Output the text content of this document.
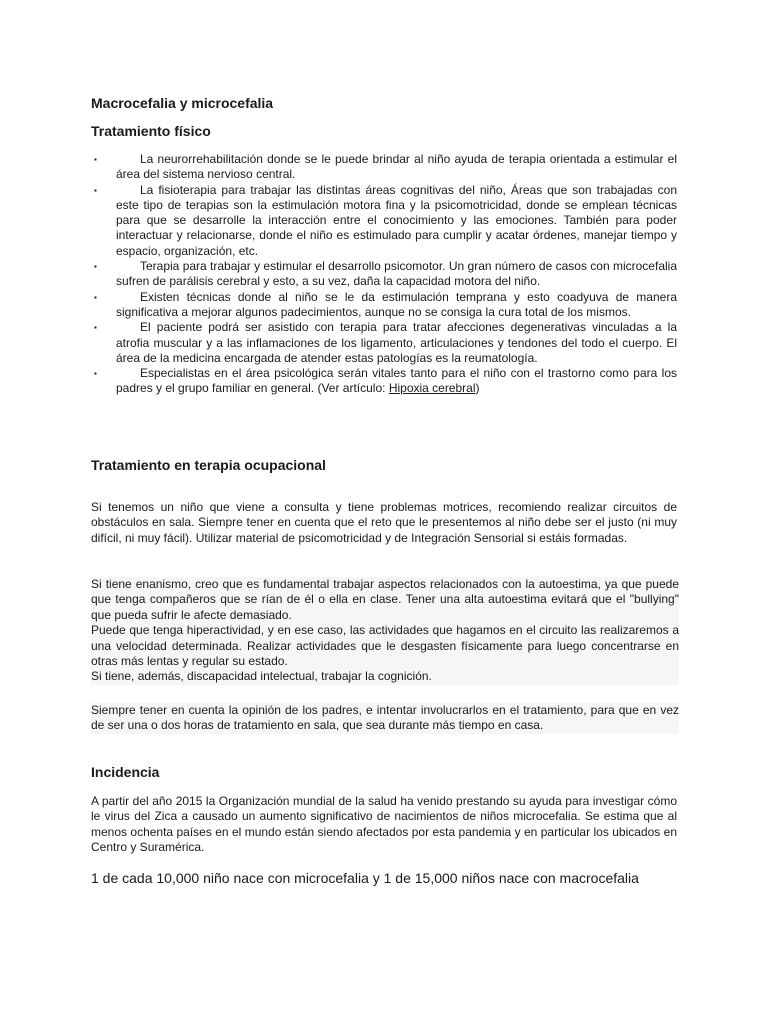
Macrocefalia y microcefalia
Tratamiento físico
▪	La neurorrehabilitación donde se le puede brindar al niño ayuda de terapia orientada a estimular el área del sistema nervioso central.
▪	La fisioterapia para trabajar las distintas áreas cognitivas del niño, Áreas que son trabajadas con este tipo de terapias son la estimulación motora fina y la psicomotricidad, donde se emplean técnicas para que se desarrolle la interacción entre el conocimiento y las emociones. También para poder interactuar y relacionarse, donde el niño es estimulado para cumplir y acatar órdenes, manejar tiempo y espacio, organización, etc.
▪	Terapia para trabajar y estimular el desarrollo psicomotor. Un gran número de casos con microcefalia sufren de parálisis cerebral y esto, a su vez, daña la capacidad motora del niño.
▪	Existen técnicas donde al niño se le da estimulación temprana y esto coadyuva de manera significativa a mejorar algunos padecimientos, aunque no se consiga la cura total de los mismos.
▪	El paciente podrá ser asistido con terapia para tratar afecciones degenerativas vinculadas a la atrofia muscular y a las inflamaciones de los ligamento, articulaciones y tendones del todo el cuerpo. El área de la medicina encargada de atender estas patologías es la reumatología.
▪	Especialistas en el área psicológica serán vitales tanto para el niño con el trastorno como para los padres y el grupo familiar en general. (Ver artículo: Hipoxia cerebral)
Tratamiento en terapia ocupacional

Si tenemos un niño que viene a consulta y tiene problemas motrices, recomiendo realizar circuitos de obstáculos en sala. Siempre tener en cuenta que el reto que le presentemos al niño debe ser el justo (ni muy difícil, ni muy fácil). Utilizar material de psicomotricidad y de Integración Sensorial si estáis formadas.

Si tiene enanismo, creo que es fundamental trabajar aspectos relacionados con la autoestima, ya que puede que tenga compañeros que se rían de él o ella en clase. Tener una alta autoestima evitará que el "bullying" que pueda sufrir le afecte demasiado.
Puede que tenga hiperactividad, y en ese caso, las actividades que hagamos en el circuito las realizaremos a una velocidad determinada. Realizar actividades que le desgasten físicamente para luego concentrarse en otras más lentas y regular su estado.
Si tiene, además, discapacidad intelectual, trabajar la cognición.

Siempre tener en cuenta la opinión de los padres, e intentar involucrarlos en el tratamiento, para que en vez de ser una o dos horas de tratamiento en sala, que sea durante más tiempo en casa.

Incidencia

A partir del año 2015 la Organización mundial de la salud ha venido prestando su ayuda para investigar cómo le virus del Zica a causado un aumento significativo de nacimientos de niños microcefalia. Se estima que al menos ochenta países en el mundo están siendo afectados por esta pandemia y en particular los ubicados en Centro y Suramérica.

1 de cada 10,000 niño nace con microcefalia y 1 de 15,000 niños nace con macrocefalia
